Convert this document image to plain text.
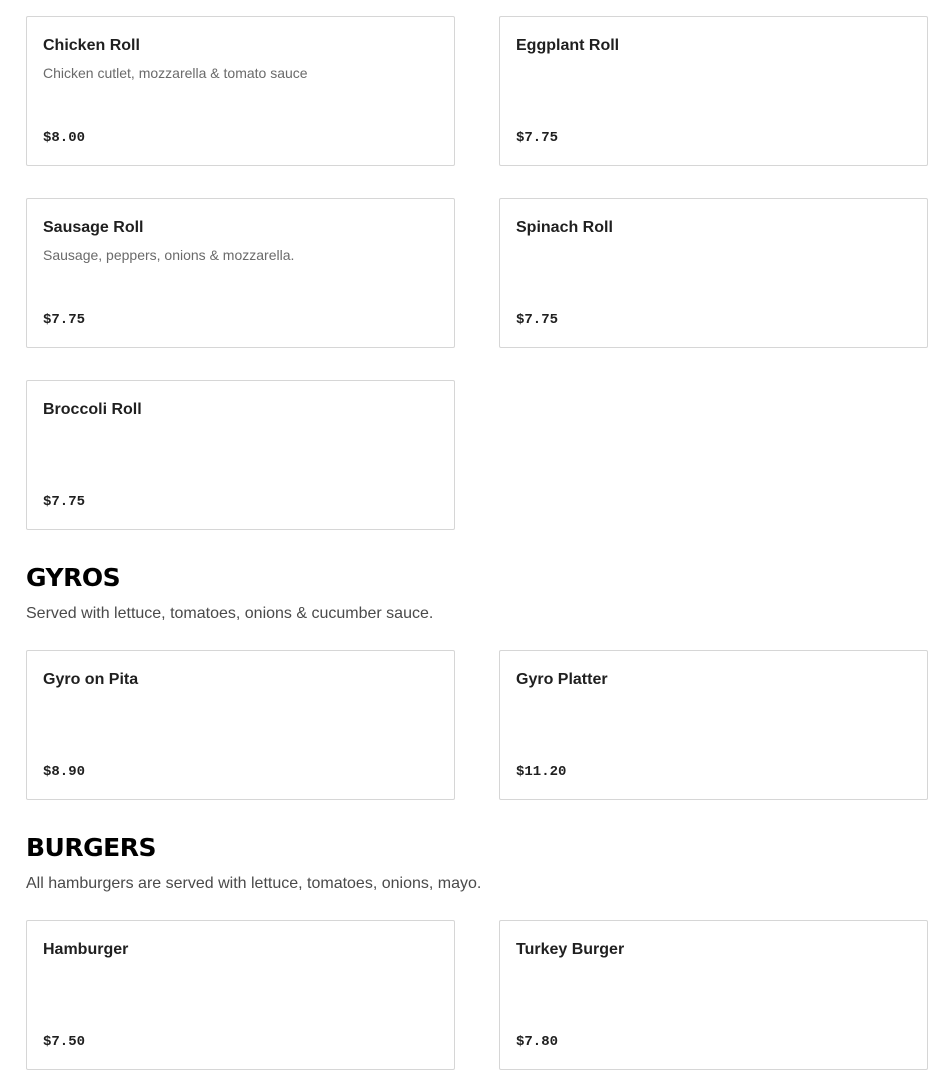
Chicken Roll
Chicken cutlet, mozzarella & tomato sauce
$8.00
Eggplant Roll
$7.75
Sausage Roll
Sausage, peppers, onions & mozzarella.
$7.75
Spinach Roll
$7.75
Broccoli Roll
$7.75
GYROS

Served with lettuce, tomatoes, onions & cucumber sauce.

Gyro on Pita
$8.90
Gyro Platter
$11.20
BURGERS

All hamburgers are served with lettuce, tomatoes, onions, mayo.

Hamburger
$7.50
Turkey Burger
$7.80
